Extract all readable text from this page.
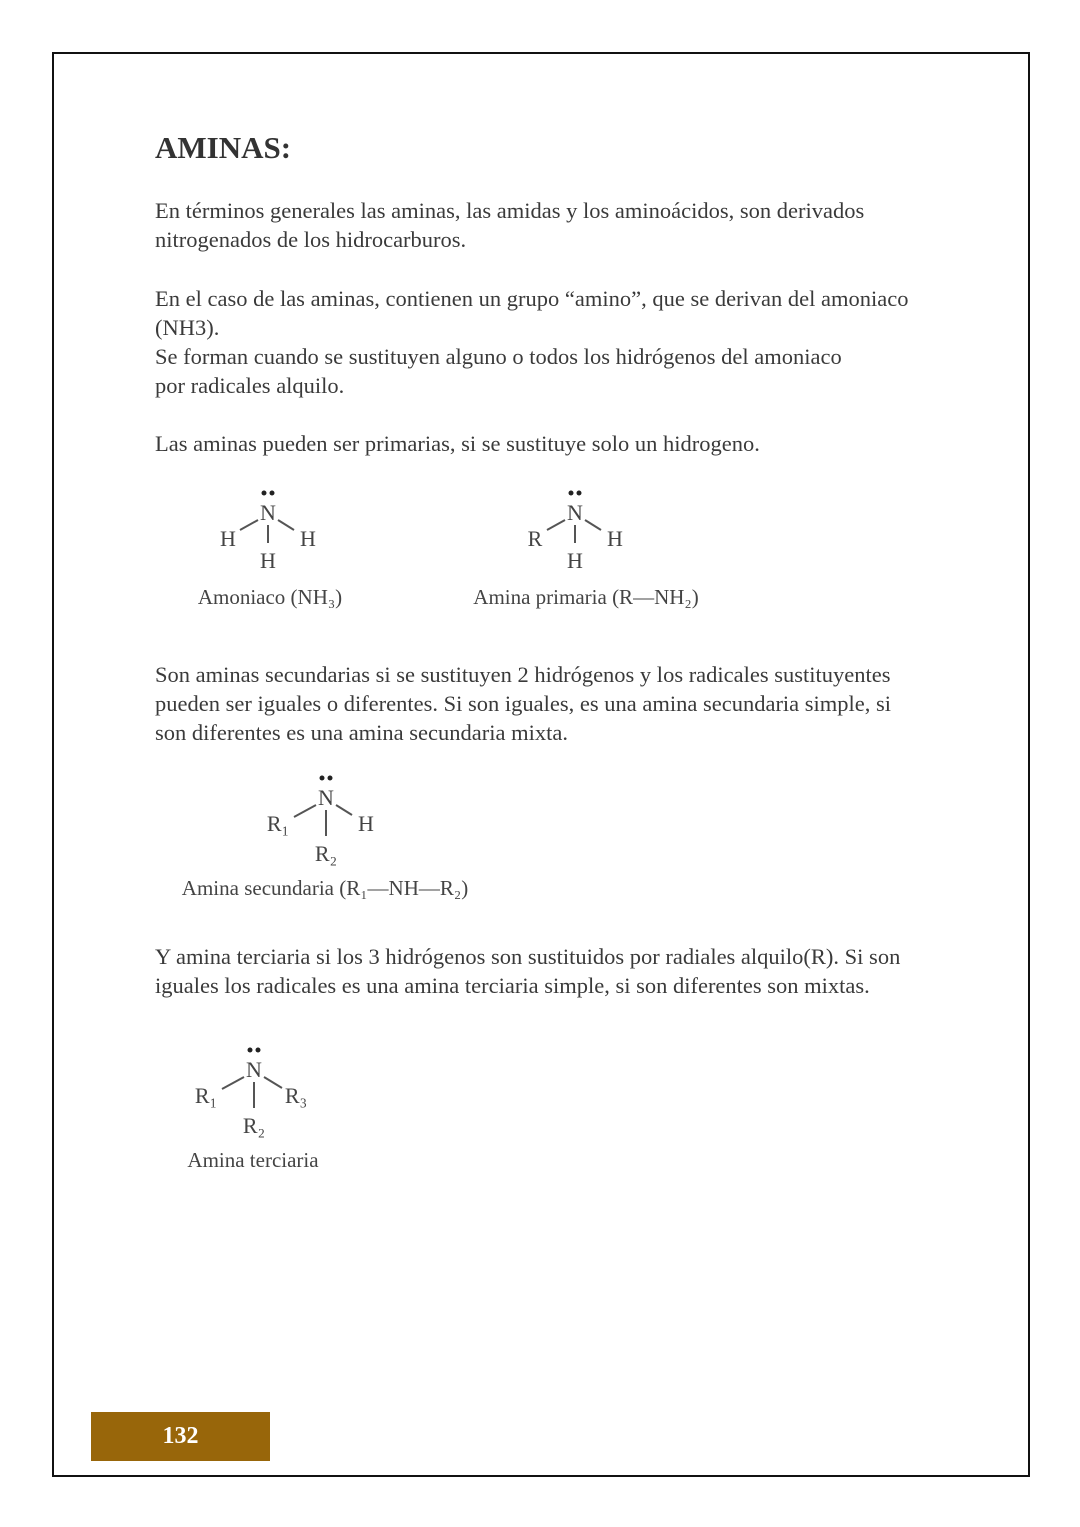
AMINAS:
En términos generales las aminas, las amidas y los aminoácidos, son derivados nitrogenados de los hidrocarburos.
En el caso de las aminas, contienen un grupo “amino”, que se derivan del amoniaco (NH3).
Se forman cuando se sustituyen alguno o todos los hidrógenos del amoniaco por radicales alquilo.
Las aminas pueden ser primarias, si se sustituye solo un hidrogeno.
N
H	H
H
Amoniaco (NH₃)
N
R	H
H
Amina primaria (R—NH₂)
Son aminas secundarias si se sustituyen 2 hidrógenos y los radicales sustituyentes pueden ser iguales o diferentes. Si son iguales, es una amina secundaria simple, si son diferentes es una amina secundaria mixta.
N
R₁	H
R₂
Amina secundaria (R₁—NH—R₂)
Y amina terciaria si los 3 hidrógenos son sustituidos por radiales alquilo(R). Si son iguales los radicales es una amina terciaria simple, si son diferentes son mixtas.
N
R₁	R₃
R₂
Amina terciaria
132
